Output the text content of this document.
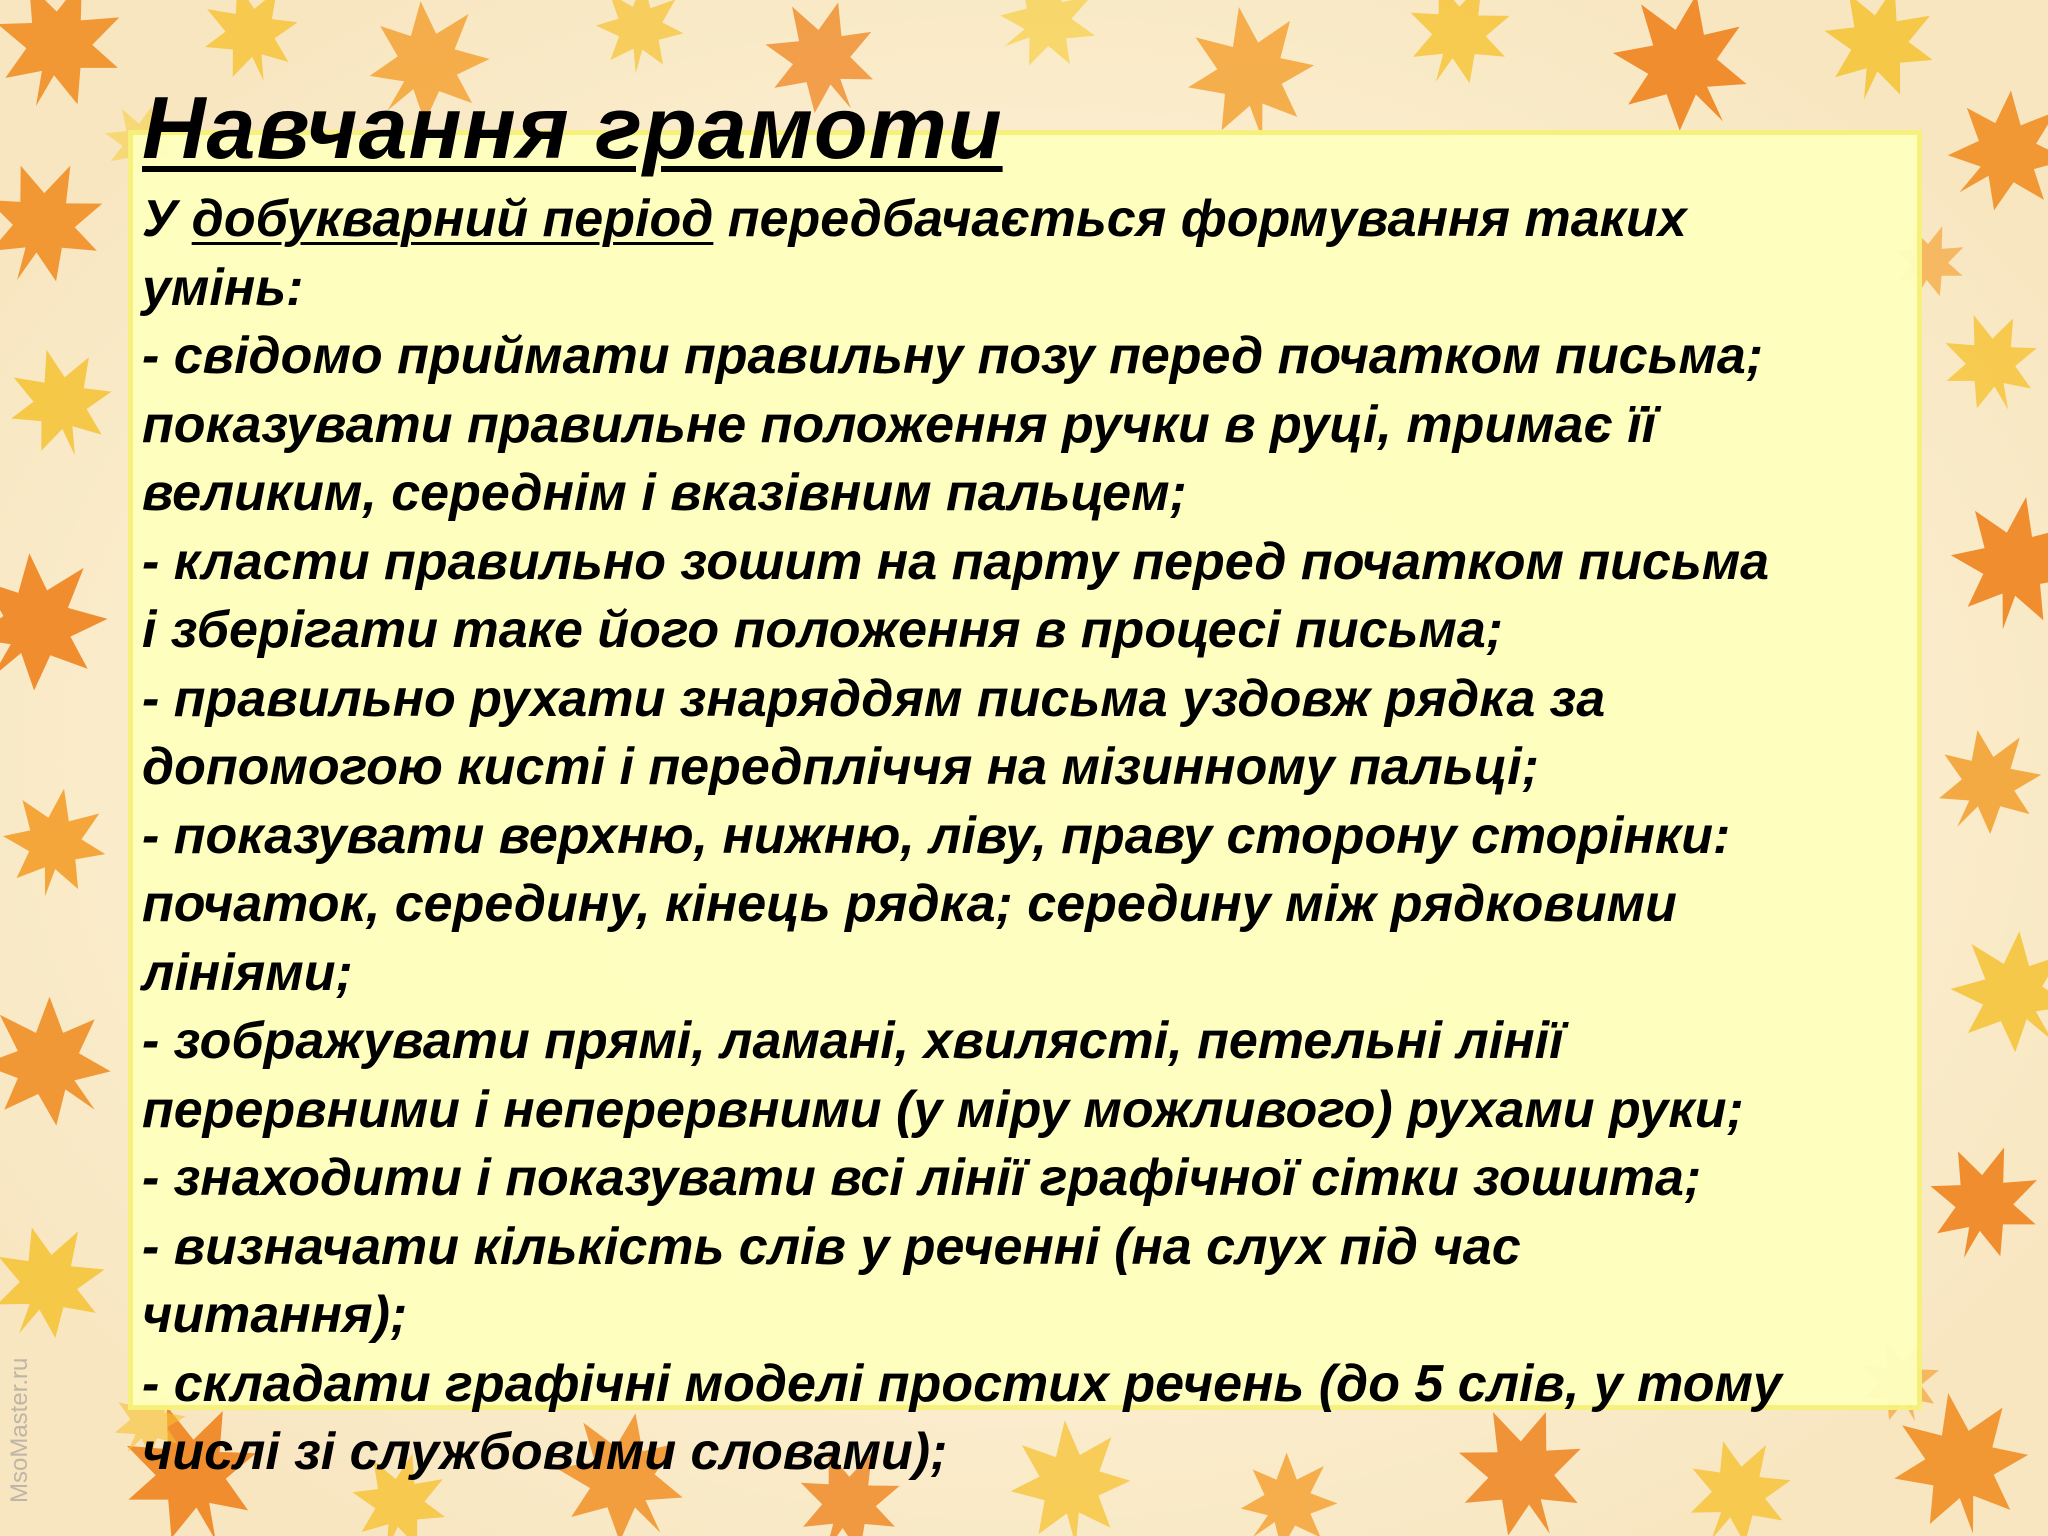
Навчання грамоти
У добукварний період передбачається формування таких
умінь:
- свідомо приймати правильну позу перед початком письма;
показувати правильне положення ручки в руці, тримає її
великим, середнім і вказівним пальцем;
- класти правильно зошит на парту перед початком письма
і зберігати таке його положення в процесі письма;
- правильно рухати знаряддям письма уздовж рядка за
допомогою кисті і передпліччя на мізинному пальці;
- показувати верхню, нижню, ліву, праву сторону сторінки:
початок, середину, кінець рядка; середину між рядковими
лініями;
- зображувати прямі, ламані, хвилясті, петельні лінії
перервними і неперервними (у міру можливого) рухами руки;
- знаходити і показувати всі лінії графічної сітки зошита;
- визначати кількість слів у реченні (на слух під час
читання);
- складати графічні моделі простих речень (до 5 слів, у тому
числі зі службовими словами);
MsoMaster.ru
